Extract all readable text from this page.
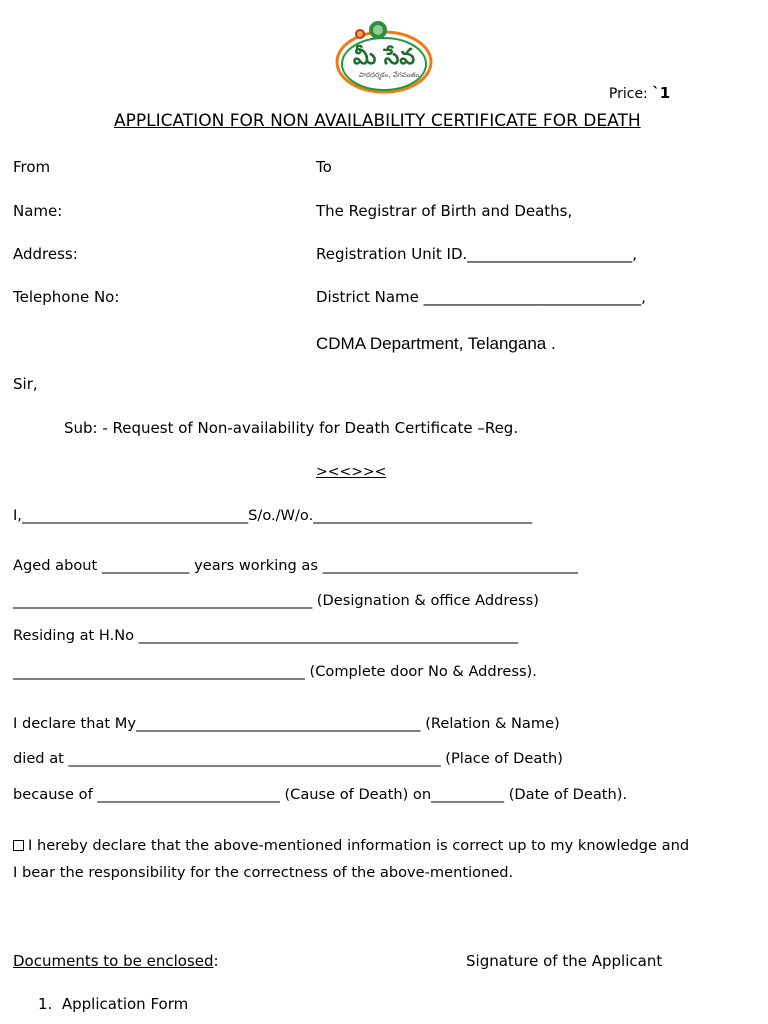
మీ సేవ
పారదర్శకం, వేగవంతం

Price: `1

APPLICATION FOR NON AVAILABILITY CERTIFICATE FOR DEATH
From
Name:
Address:
Telephone No:
To
The Registrar of Birth and Deaths,
Registration Unit ID.______________________,
District Name _____________________________,
CDMA Department, Telangana .
Sir,
Sub: - Request of Non-availability for Death Certificate –Reg.
><<>><
I,_______________________________S/o./W/o.______________________________
Aged about ____________ years working as ___________________________________
_________________________________________ (Designation & office Address)
Residing at H.No ____________________________________________________
________________________________________ (Complete door No & Address).
I declare that My_______________________________________ (Relation & Name)
died at ___________________________________________________ (Place of Death)
because of _________________________ (Cause of Death) on__________ (Date of Death).
I hereby declare that the above-mentioned information is correct up to my knowledge and
I bear the responsibility for the correctness of the above-mentioned.
Documents to be enclosed:	Signature of the Applicant
1.  Application Form
